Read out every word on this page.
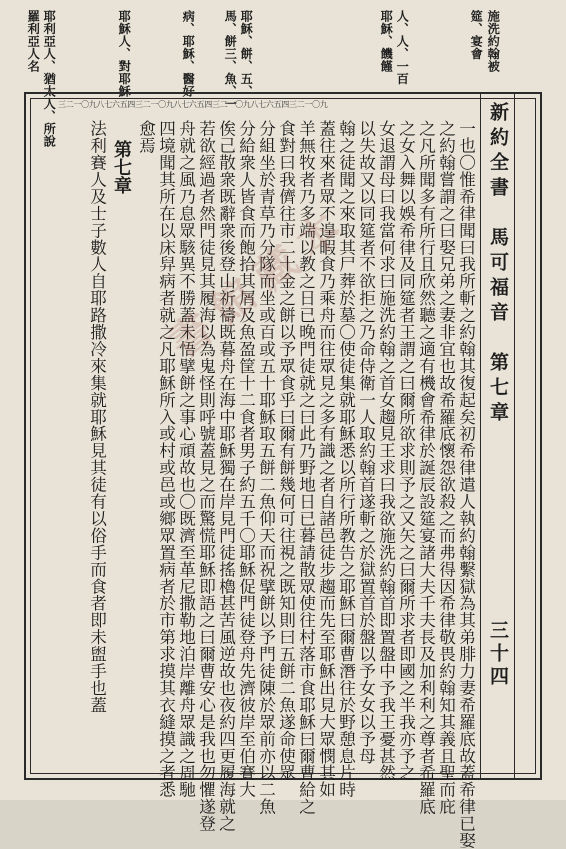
施洗約翰被
筵、宴會
人、人、一百
耶穌、饑饉
耶穌、餅、五、
馬、餅三、魚、一
病、耶穌、醫好
耶穌人、對耶穌
耶利亞人、猶太人、所說
羅利亞人名
新約全書　馬可福音　第七章
三十四
三二一〇九八七六五四三二一〇九八七六五四三二一〇九八七六五四三二一〇九
一也〇惟希律聞曰我所斬之約翰其復起矣初希律遣人執約翰繫獄為其弟腓力妻希羅底故蓋希律已娶
之約翰嘗謂之曰娶兄弟之妻非宜也故希羅底懷怨欲殺之而弗得因希律敬畏約翰知其義且聖而庇
之凡所聞多有所行且欣然聽之適有機會希律於誕辰設筵宴諸大夫千夫長及加利利之尊者希羅底
之女入舞以娛希律及同筵者王謂之曰爾所欲求則予之又矢之曰爾所求者即國之半我亦予之
女退謂母曰我當何求曰施洗約翰之首女趨見王求曰我欲施洗約翰首即置盤中予我王憂甚然
以失故又以同筵者不欲拒之乃命侍衛一人取約翰首遂斬之於獄置首於盤以予女女以予母
翰之徒聞之來取其尸葬於墓〇使徒集就耶穌悉以所行所教告之耶穌曰爾曹潛往於野憩息片時
蓋往來者眾不遑暇食乃乘舟而往眾見之多有識之者自諸邑徒步趨而先至耶穌出見大眾憫其如
羊無牧者乃多端以教之日已晚門徒就之曰此乃野地日已暮請散眾使往村落市食耶穌曰爾曹給之
食對曰我儕往市二十金之餅以予眾食乎曰爾有餅幾何可往視之既知則曰五餅二魚遂命使眾
分組坐於青草乃分隊而坐或百或五十耶穌取五餅二魚仰天而祝擘餅以予門徒陳於眾前亦以二魚
分給衆人皆食而飽拾其屑及魚盈筐十二食者男子約五千〇耶穌促門徒登舟先濟彼岸至伯賽大
俟己散衆既辭衆後登山祈禱既暮舟在海中耶穌獨在岸見門徒搖櫓甚苦風逆故也夜約四更履海就之
若欲經過者然門徒見其履海以為鬼怪則呼號蓋見之而驚慌耶穌即語之曰爾曹安心是我也勿懼遂登
舟就之風乃息眾駭異不勝蓋未悟擘餅之事心頑故也〇既濟至革尼撒勒地泊岸離舟眾識之周馳
四境聞其所在以床舁病者就之凡耶穌所入或村或邑或鄉眾置病者於市第求摸其衣縫摸之者悉
愈焉
第七章
法利賽人及士子數人自耶路撒冷來集就耶穌見其徒有以俗手而食者即未盥手也蓋 書館藏本
